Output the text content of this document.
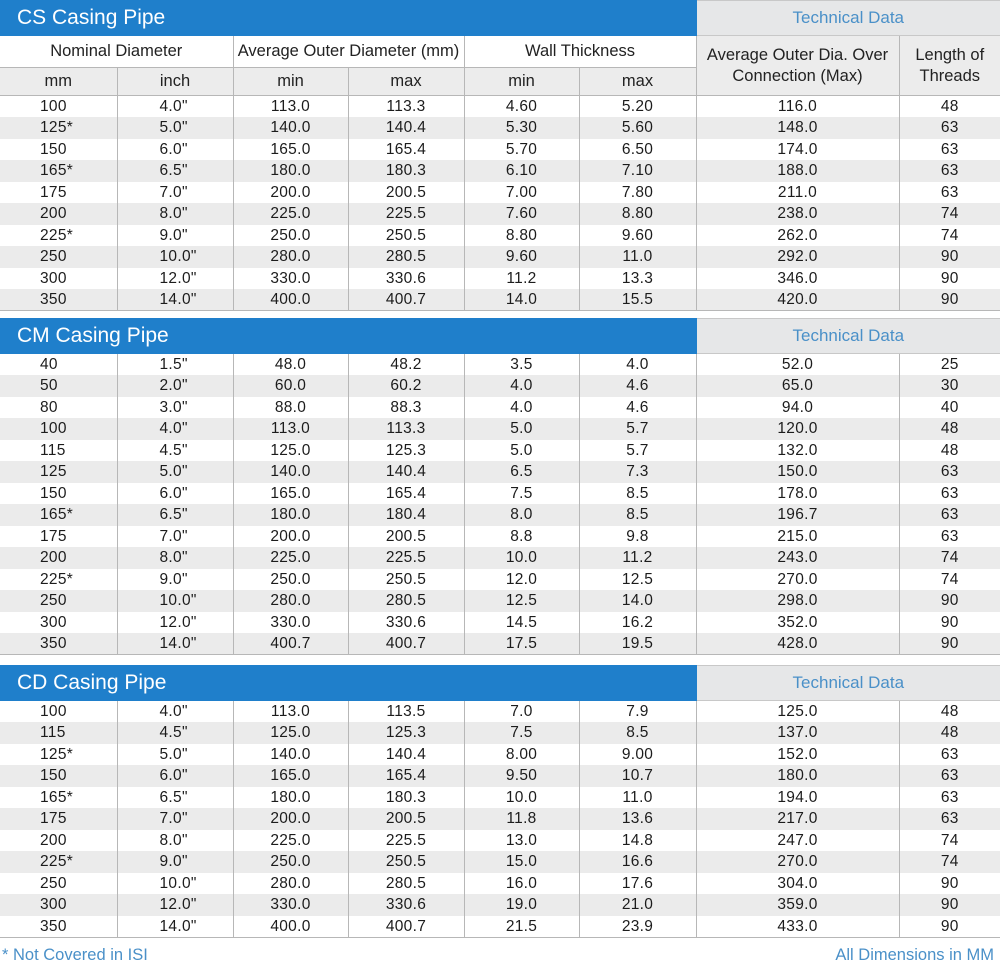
CS Casing Pipe						Technical Data	
Nominal Diameter		Average Outer Diameter (mm)		Wall Thickness		Average Outer Dia. Over Connection (Max)	Length of Threads
mm	inch	min	max	min	max		
100	4.0"	113.0	113.3	4.60	5.20	116.0	48
125*	5.0"	140.0	140.4	5.30	5.60	148.0	63
150	6.0"	165.0	165.4	5.70	6.50	174.0	63
165*	6.5"	180.0	180.3	6.10	7.10	188.0	63
175	7.0"	200.0	200.5	7.00	7.80	211.0	63
200	8.0"	225.0	225.5	7.60	8.80	238.0	74
225*	9.0"	250.0	250.5	8.80	9.60	262.0	74
250	10.0"	280.0	280.5	9.60	11.0	292.0	90
300	12.0"	330.0	330.6	11.2	13.3	346.0	90
350	14.0"	400.0	400.7	14.0	15.5	420.0	90
CM Casing Pipe						Technical Data	
40	1.5"	48.0	48.2	3.5	4.0	52.0	25
50	2.0"	60.0	60.2	4.0	4.6	65.0	30
80	3.0"	88.0	88.3	4.0	4.6	94.0	40
100	4.0"	113.0	113.3	5.0	5.7	120.0	48
115	4.5"	125.0	125.3	5.0	5.7	132.0	48
125	5.0"	140.0	140.4	6.5	7.3	150.0	63
150	6.0"	165.0	165.4	7.5	8.5	178.0	63
165*	6.5"	180.0	180.4	8.0	8.5	196.7	63
175	7.0"	200.0	200.5	8.8	9.8	215.0	63
200	8.0"	225.0	225.5	10.0	11.2	243.0	74
225*	9.0"	250.0	250.5	12.0	12.5	270.0	74
250	10.0"	280.0	280.5	12.5	14.0	298.0	90
300	12.0"	330.0	330.6	14.5	16.2	352.0	90
350	14.0"	400.7	400.7	17.5	19.5	428.0	90
CD Casing Pipe						Technical Data	
100	4.0"	113.0	113.5	7.0	7.9	125.0	48
115	4.5"	125.0	125.3	7.5	8.5	137.0	48
125*	5.0"	140.0	140.4	8.00	9.00	152.0	63
150	6.0"	165.0	165.4	9.50	10.7	180.0	63
165*	6.5"	180.0	180.3	10.0	11.0	194.0	63
175	7.0"	200.0	200.5	11.8	13.6	217.0	63
200	8.0"	225.0	225.5	13.0	14.8	247.0	74
225*	9.0"	250.0	250.5	15.0	16.6	270.0	74
250	10.0"	280.0	280.5	16.0	17.6	304.0	90
300	12.0"	330.0	330.6	19.0	21.0	359.0	90
350	14.0"	400.0	400.7	21.5	23.9	433.0	90
* Not Covered in ISI	All Dimensions in MM
